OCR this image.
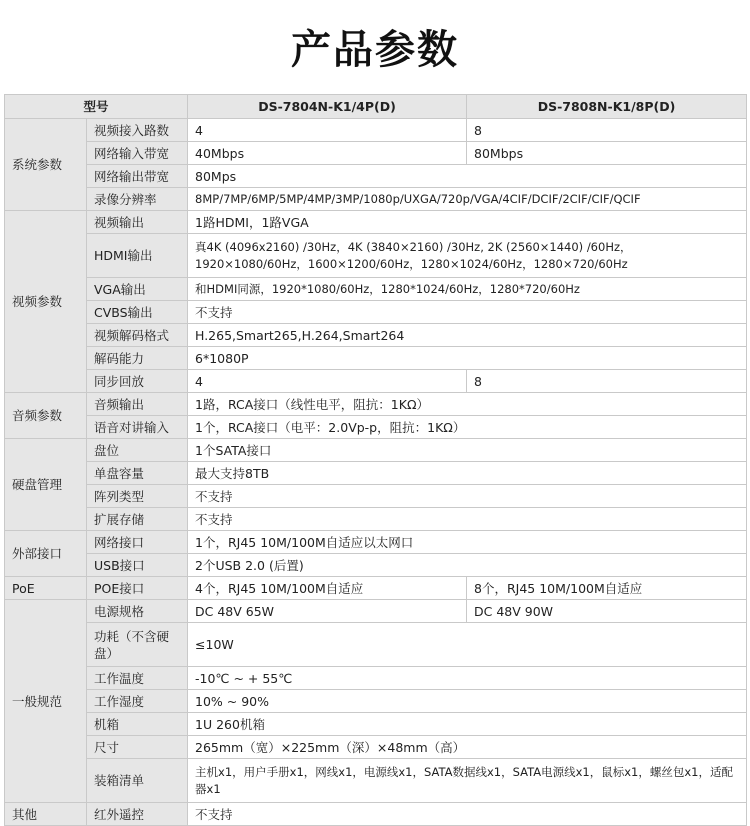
产品参数
型号		DS-7804N-K1/4P(D)	DS-7808N-K1/8P(D)
系统参数	视频接入路数	4	8
	网络输入带宽	40Mbps	80Mbps
	网络输出带宽	80Mps	
	录像分辨率	8MP/7MP/6MP/5MP/4MP/3MP/1080p/UXGA/720p/VGA/4CIF/DCIF/2CIF/CIF/QCIF	
视频参数	视频输出	1路HDMI，1路VGA	
	HDMI输出	真4K (4096x2160) /30Hz，4K (3840×2160) /30Hz, 2K (2560×1440) /60Hz，1920×1080/60Hz，1600×1200/60Hz，1280×1024/60Hz，1280×720/60Hz	
	VGA输出	和HDMI同源，1920*1080/60Hz，1280*1024/60Hz，1280*720/60Hz	
	CVBS输出	不支持	
	视频解码格式	H.265,Smart265,H.264,Smart264	
	解码能力	6*1080P	
	同步回放	4	8
音频参数	音频输出	1路，RCA接口（线性电平，阻抗：1KΩ）	
	语音对讲输入	1个，RCA接口（电平：2.0Vp-p，阻抗：1KΩ）	
硬盘管理	盘位	1个SATA接口	
	单盘容量	最大支持8TB	
	阵列类型	不支持	
	扩展存储	不支持	
外部接口	网络接口	1个，RJ45 10M/100M自适应以太网口	
	USB接口	2个USB 2.0 (后置)	
PoE	POE接口	4个，RJ45 10M/100M自适应	8个，RJ45 10M/100M自适应
一般规范	电源规格	DC 48V 65W	DC 48V 90W
	功耗（不含硬盘）	≤10W	
	工作温度	-10℃ ~ + 55℃	
	工作湿度	10% ~ 90%	
	机箱	1U 260机箱	
	尺寸	265mm（宽）×225mm（深）×48mm（高）	
	装箱清单	主机x1，用户手册x1，网线x1，电源线x1，SATA数据线x1，SATA电源线x1，鼠标x1，螺丝包x1，适配器x1	
其他	红外遥控	不支持	
